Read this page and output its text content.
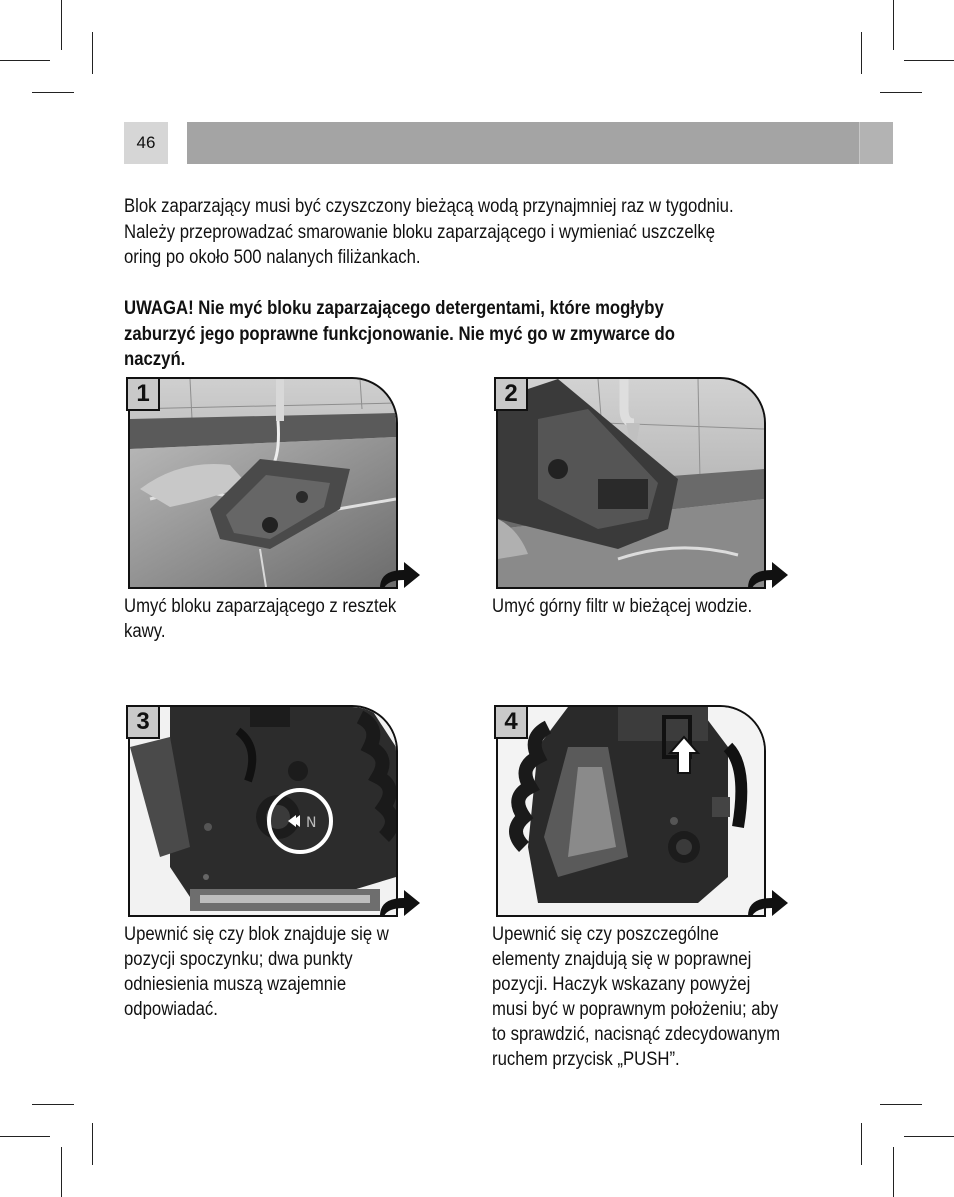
46
Blok zaparzający musi być czyszczony bieżącą wodą przynajmniej raz w tygodniu.
Należy przeprowadzać smarowanie bloku zaparzającego i wymieniać uszczelkę
oring po około 500 nalanych filiżankach.
UWAGA! Nie myć bloku zaparzającego detergentami, które mogłyby
zaburzyć jego poprawne funkcjonowanie. Nie myć go w zmywarce do
naczyń.
1
Umyć bloku zaparzającego z resztek
kawy.
2
Umyć górny filtr w bieżącej wodzie.
N
3
Upewnić się czy blok znajduje się w
pozycji spoczynku; dwa punkty
odniesienia muszą wzajemnie
odpowiadać.
4
Upewnić się czy poszczególne
elementy znajdują się w poprawnej
pozycji. Haczyk wskazany powyżej
musi być w poprawnym położeniu; aby
to sprawdzić, nacisnąć zdecydowanym
ruchem przycisk „PUSH”.
